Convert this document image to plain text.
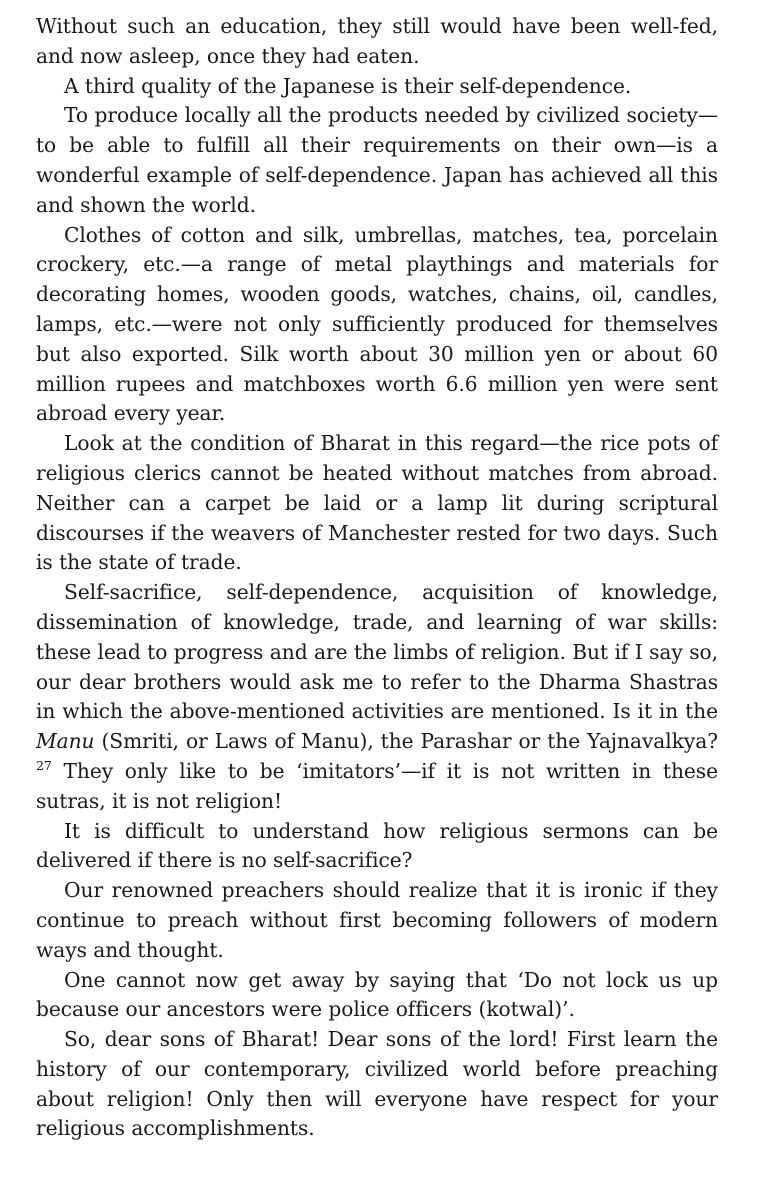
Without such an education, they still would have been well-fed, and now asleep, once they had eaten.

A third quality of the Japanese is their self-dependence.

To produce locally all the products needed by civilized society—to be able to fulfill all their requirements on their own—is a wonderful example of self-dependence. Japan has achieved all this and shown the world.

Clothes of cotton and silk, umbrellas, matches, tea, porcelain crockery, etc.—a range of metal playthings and materials for decorating homes, wooden goods, watches, chains, oil, candles, lamps, etc.—were not only sufficiently produced for themselves but also exported. Silk worth about 30 million yen or about 60 million rupees and matchboxes worth 6.6 million yen were sent abroad every year.

Look at the condition of Bharat in this regard—the rice pots of religious clerics cannot be heated without matches from abroad. Neither can a carpet be laid or a lamp lit during scriptural discourses if the weavers of Manchester rested for two days. Such is the state of trade.

Self-sacrifice, self-dependence, acquisition of knowledge, dissemination of knowledge, trade, and learning of war skills: these lead to progress and are the limbs of religion. But if I say so, our dear brothers would ask me to refer to the Dharma Shastras in which the above-mentioned activities are mentioned. Is it in the Manu (Smriti, or Laws of Manu), the Parashar or the Yajnavalkya?$^{27}$ They only like to be ‘imitators’—if it is not written in these sutras, it is not religion!

It is difficult to understand how religious sermons can be delivered if there is no self-sacrifice?

Our renowned preachers should realize that it is ironic if they continue to preach without first becoming followers of modern ways and thought.

One cannot now get away by saying that ‘Do not lock us up because our ancestors were police officers (kotwal)’.

So, dear sons of Bharat! Dear sons of the lord! First learn the history of our contemporary, civilized world before preaching about religion! Only then will everyone have respect for your religious accomplishments.
